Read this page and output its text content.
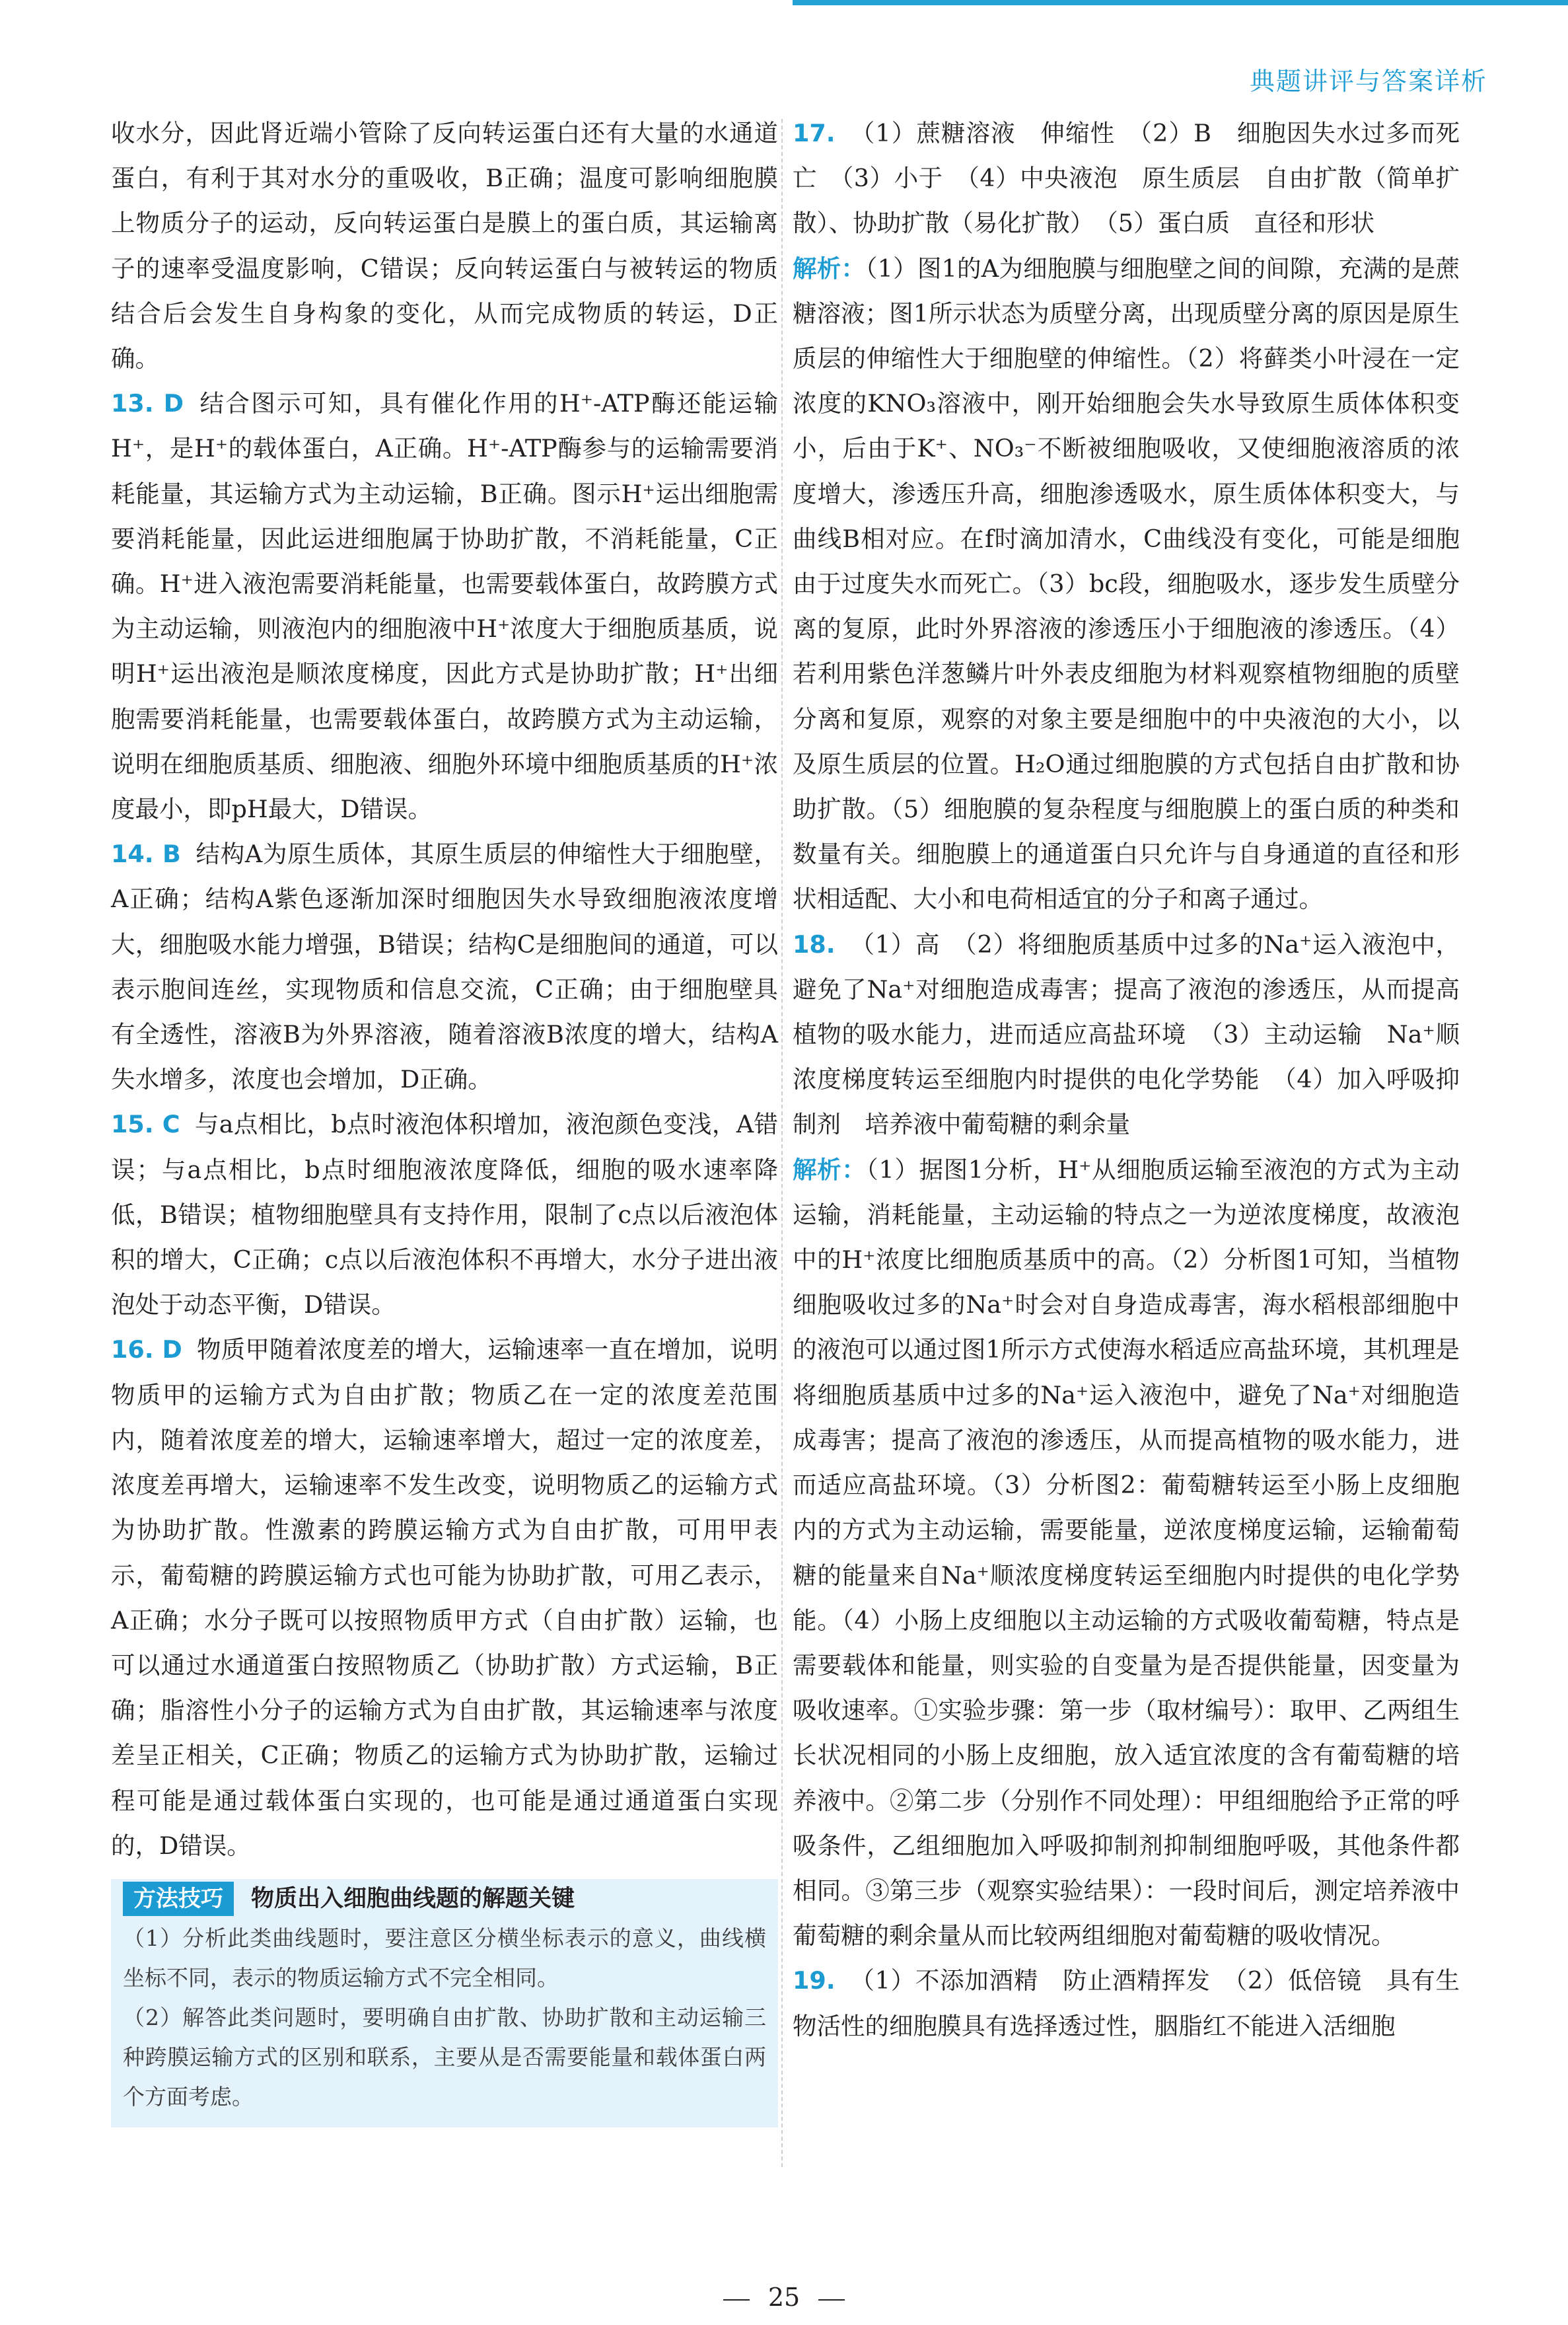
典题讲评与答案详析

收水分，因此肾近端小管除了反向转运蛋白还有大量的水通道蛋白，有利于其对水分的重吸收，B正确；温度可影响细胞膜上物质分子的运动，反向转运蛋白是膜上的蛋白质，其运输离子的速率受温度影响，C错误；反向转运蛋白与被转运的物质结合后会发生自身构象的变化，从而完成物质的转运，D正确。

13. D 结合图示可知，具有催化作用的H⁺-ATP酶还能运输H⁺，是H⁺的载体蛋白，A正确。H⁺-ATP酶参与的运输需要消耗能量，其运输方式为主动运输，B正确。图示H⁺运出细胞需要消耗能量，因此运进细胞属于协助扩散，不消耗能量，C正确。H⁺进入液泡需要消耗能量，也需要载体蛋白，故跨膜方式为主动运输，则液泡内的细胞液中H⁺浓度大于细胞质基质，说明H⁺运出液泡是顺浓度梯度，因此方式是协助扩散；H⁺出细胞需要消耗能量，也需要载体蛋白，故跨膜方式为主动运输，说明在细胞质基质、细胞液、细胞外环境中细胞质基质的H⁺浓度最小，即pH最大，D错误。

14. B 结构A为原生质体，其原生质层的伸缩性大于细胞壁，A正确；结构A紫色逐渐加深时细胞因失水导致细胞液浓度增大，细胞吸水能力增强，B错误；结构C是细胞间的通道，可以表示胞间连丝，实现物质和信息交流，C正确；由于细胞壁具有全透性，溶液B为外界溶液，随着溶液B浓度的增大，结构A失水增多，浓度也会增加，D正确。

15. C 与a点相比，b点时液泡体积增加，液泡颜色变浅，A错误；与a点相比，b点时细胞液浓度降低，细胞的吸水速率降低，B错误；植物细胞壁具有支持作用，限制了c点以后液泡体积的增大，C正确；c点以后液泡体积不再增大，水分子进出液泡处于动态平衡，D错误。

16. D 物质甲随着浓度差的增大，运输速率一直在增加，说明物质甲的运输方式为自由扩散；物质乙在一定的浓度差范围内，随着浓度差的增大，运输速率增大，超过一定的浓度差，浓度差再增大，运输速率不发生改变，说明物质乙的运输方式为协助扩散。性激素的跨膜运输方式为自由扩散，可用甲表示，葡萄糖的跨膜运输方式也可能为协助扩散，可用乙表示，A正确；水分子既可以按照物质甲方式（自由扩散）运输，也可以通过水通道蛋白按照物质乙（协助扩散）方式运输，B正确；脂溶性小分子的运输方式为自由扩散，其运输速率与浓度差呈正相关，C正确；物质乙的运输方式为协助扩散，运输过程可能是通过载体蛋白实现的，也可能是通过通道蛋白实现的，D错误。

方法技巧	物质出入细胞曲线题的解题关键

（1）分析此类曲线题时，要注意区分横坐标表示的意义，曲线横坐标不同，表示的物质运输方式不完全相同。

（2）解答此类问题时，要明确自由扩散、协助扩散和主动运输三种跨膜运输方式的区别和联系，主要从是否需要能量和载体蛋白两个方面考虑。

17. （1）蔗糖溶液　伸缩性　（2）B　细胞因失水过多而死亡　（3）小于　（4）中央液泡　原生质层　自由扩散（简单扩散）、协助扩散（易化扩散）　（5）蛋白质　直径和形状

解析：（1）图1的A为细胞膜与细胞壁之间的间隙，充满的是蔗糖溶液；图1所示状态为质壁分离，出现质壁分离的原因是原生质层的伸缩性大于细胞壁的伸缩性。（2）将藓类小叶浸在一定浓度的KNO₃溶液中，刚开始细胞会失水导致原生质体体积变小，后由于K⁺、NO₃⁻不断被细胞吸收，又使细胞液溶质的浓度增大，渗透压升高，细胞渗透吸水，原生质体体积变大，与曲线B相对应。在f时滴加清水，C曲线没有变化，可能是细胞由于过度失水而死亡。（3）bc段，细胞吸水，逐步发生质壁分离的复原，此时外界溶液的渗透压小于细胞液的渗透压。（4）若利用紫色洋葱鳞片叶外表皮细胞为材料观察植物细胞的质壁分离和复原，观察的对象主要是细胞中的中央液泡的大小，以及原生质层的位置。H₂O通过细胞膜的方式包括自由扩散和协助扩散。（5）细胞膜的复杂程度与细胞膜上的蛋白质的种类和数量有关。细胞膜上的通道蛋白只允许与自身通道的直径和形状相适配、大小和电荷相适宜的分子和离子通过。

18. （1）高　（2）将细胞质基质中过多的Na⁺运入液泡中，避免了Na⁺对细胞造成毒害；提高了液泡的渗透压，从而提高植物的吸水能力，进而适应高盐环境　（3）主动运输　Na⁺顺浓度梯度转运至细胞内时提供的电化学势能　（4）加入呼吸抑制剂　培养液中葡萄糖的剩余量

解析：（1）据图1分析，H⁺从细胞质运输至液泡的方式为主动运输，消耗能量，主动运输的特点之一为逆浓度梯度，故液泡中的H⁺浓度比细胞质基质中的高。（2）分析图1可知，当植物细胞吸收过多的Na⁺时会对自身造成毒害，海水稻根部细胞中的液泡可以通过图1所示方式使海水稻适应高盐环境，其机理是将细胞质基质中过多的Na⁺运入液泡中，避免了Na⁺对细胞造成毒害；提高了液泡的渗透压，从而提高植物的吸水能力，进而适应高盐环境。（3）分析图2：葡萄糖转运至小肠上皮细胞内的方式为主动运输，需要能量，逆浓度梯度运输，运输葡萄糖的能量来自Na⁺顺浓度梯度转运至细胞内时提供的电化学势能。（4）小肠上皮细胞以主动运输的方式吸收葡萄糖，特点是需要载体和能量，则实验的自变量为是否提供能量，因变量为吸收速率。①实验步骤：第一步（取材编号）：取甲、乙两组生长状况相同的小肠上皮细胞，放入适宜浓度的含有葡萄糖的培养液中。②第二步（分别作不同处理）：甲组细胞给予正常的呼吸条件，乙组细胞加入呼吸抑制剂抑制细胞呼吸，其他条件都相同。③第三步（观察实验结果）：一段时间后，测定培养液中葡萄糖的剩余量从而比较两组细胞对葡萄糖的吸收情况。

19. （1）不添加酒精　防止酒精挥发　（2）低倍镜　具有生物活性的细胞膜具有选择透过性，胭脂红不能进入活细胞

25
